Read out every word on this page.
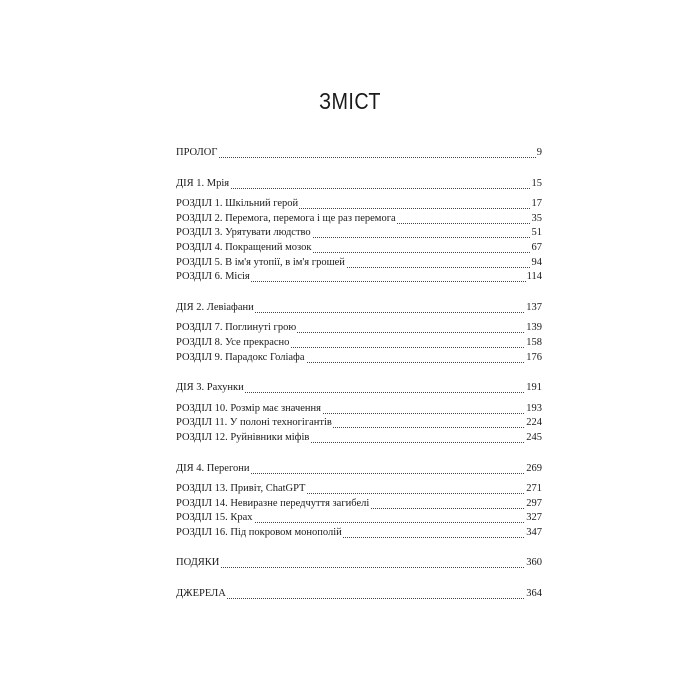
ЗМІСТ
ПРОЛОГ	9
ДІЯ 1. Мрія	15
РОЗДІЛ 1. Шкільний герой	17
РОЗДІЛ 2. Перемога, перемога і ще раз перемога	35
РОЗДІЛ 3. Урятувати людство	51
РОЗДІЛ 4. Покращений мозок	67
РОЗДІЛ 5. В ім'я утопії, в ім'я грошей	94
РОЗДІЛ 6. Місія	114
ДІЯ 2. Левіафани	137
РОЗДІЛ 7. Поглинуті грою	139
РОЗДІЛ 8. Усе прекрасно	158
РОЗДІЛ 9. Парадокс Голіафа	176
ДІЯ 3. Рахунки	191
РОЗДІЛ 10. Розмір має значення	193
РОЗДІЛ 11. У полоні техногігантів	224
РОЗДІЛ 12. Руйнівники міфів	245
ДІЯ 4. Перегони	269
РОЗДІЛ 13. Привіт, ChatGPT	271
РОЗДІЛ 14. Невиразне передчуття загибелі	297
РОЗДІЛ 15. Крах	327
РОЗДІЛ 16. Під покровом монополій	347
ПОДЯКИ	360
ДЖЕРЕЛА	364
